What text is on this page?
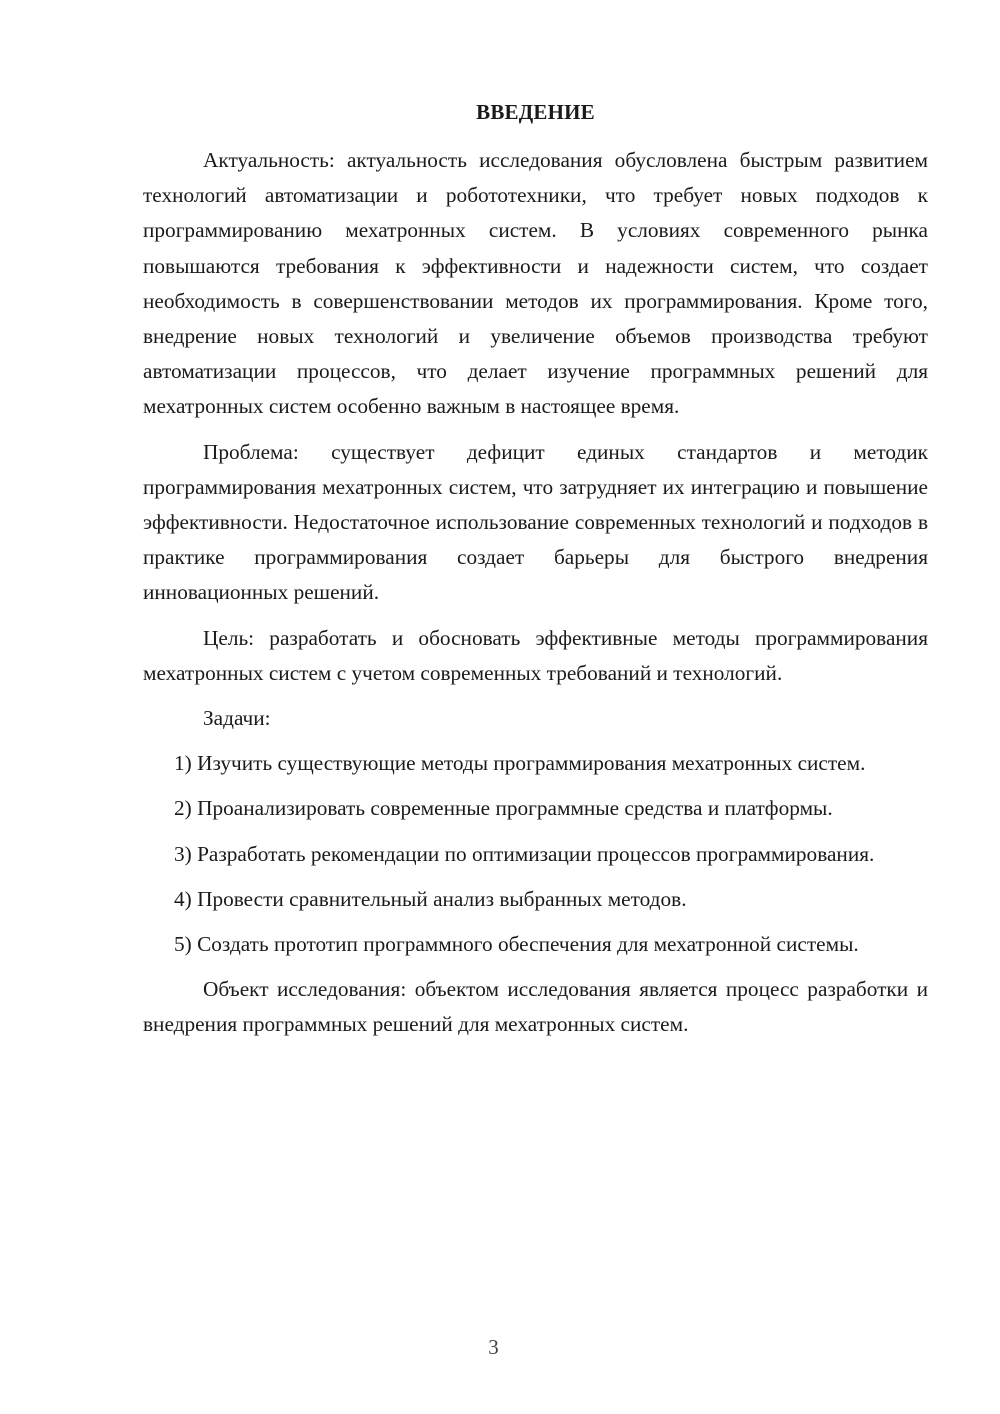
ВВЕДЕНИЕ

Актуальность: актуальность исследования обусловлена быстрым развитием технологий автоматизации и робототехники, что требует новых подходов к программированию мехатронных систем. В условиях современного рынка повышаются требования к эффективности и надежности систем, что создает необходимость в совершенствовании методов их программирования. Кроме того, внедрение новых технологий и увеличение объемов производства требуют автоматизации процессов, что делает изучение программных решений для мехатронных систем особенно важным в настоящее время.

Проблема: существует дефицит единых стандартов и методик программирования мехатронных систем, что затрудняет их интеграцию и повышение эффективности. Недостаточное использование современных технологий и подходов в практике программирования создает барьеры для быстрого внедрения инновационных решений.

Цель: разработать и обосновать эффективные методы программирования мехатронных систем с учетом современных требований и технологий.

Задачи:

1) Изучить существующие методы программирования мехатронных систем.

2) Проанализировать современные программные средства и платформы.

3) Разработать рекомендации по оптимизации процессов программирования.

4) Провести сравнительный анализ выбранных методов.

5) Создать прототип программного обеспечения для мехатронной системы.

Объект исследования: объектом исследования является процесс разработки и внедрения программных решений для мехатронных систем.

3
